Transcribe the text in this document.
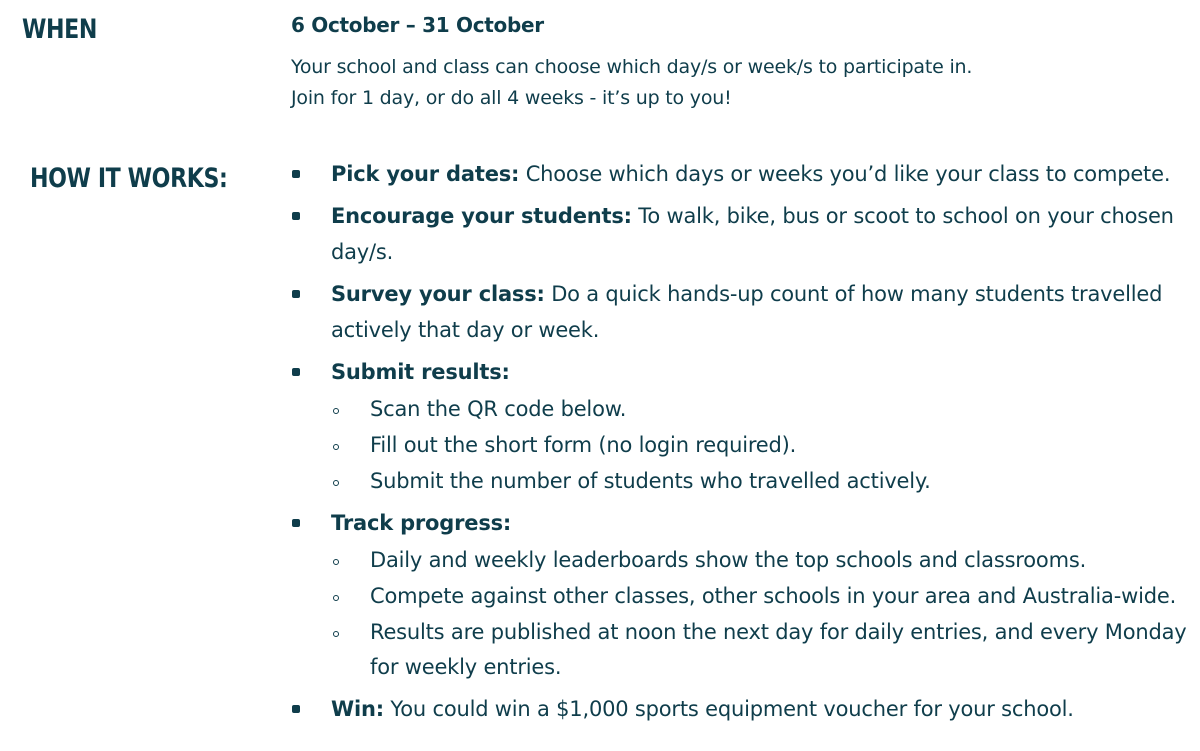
WHEN	6 October – 31 October

Your school and class can choose which day/s or week/s to participate in.

Join for 1 day, or do all 4 weeks - it’s up to you!

HOW IT WORKS:	Pick your dates: Choose which days or weeks you’d like your class to compete.
Encourage your students: To walk, bike, bus or scoot to school on your chosen day/s.
Survey your class: Do a quick hands-up count of how many students travelled actively that day or week.
Submit results:
Scan the QR code below.
Fill out the short form (no login required).
Submit the number of students who travelled actively.
Track progress:
Daily and weekly leaderboards show the top schools and classrooms.
Compete against other classes, other schools in your area and Australia-wide.
Results are published at noon the next day for daily entries, and every Monday for weekly entries.
Win: You could win a $1,000 sports equipment voucher for your school.
